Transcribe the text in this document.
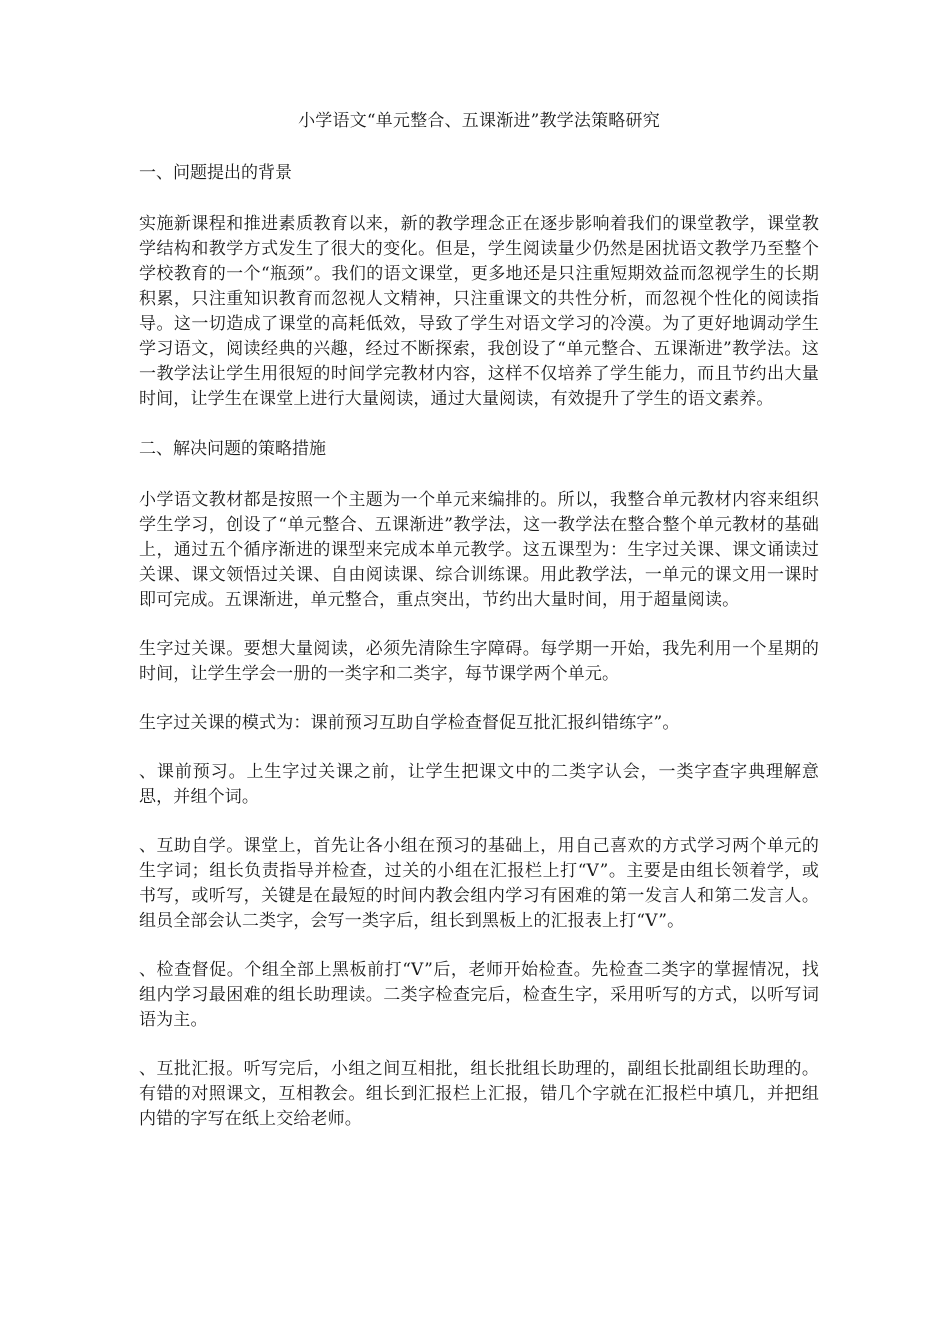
小学语文“单元整合、五课渐进”教学法策略研究

一、问题提出的背景

实施新课程和推进素质教育以来，新的教学理念正在逐步影响着我们的课堂教学，课堂教学结构和教学方式发生了很大的变化。但是，学生阅读量少仍然是困扰语文教学乃至整个学校教育的一个“瓶颈”。我们的语文课堂，更多地还是只注重短期效益而忽视学生的长期积累，只注重知识教育而忽视人文精神，只注重课文的共性分析，而忽视个性化的阅读指导。这一切造成了课堂的高耗低效，导致了学生对语文学习的冷漠。为了更好地调动学生学习语文，阅读经典的兴趣，经过不断探索，我创设了“单元整合、五课渐进”教学法。这一教学法让学生用很短的时间学完教材内容，这样不仅培养了学生能力，而且节约出大量时间，让学生在课堂上进行大量阅读，通过大量阅读，有效提升了学生的语文素养。

二、解决问题的策略措施

小学语文教材都是按照一个主题为一个单元来编排的。所以，我整合单元教材内容来组织学生学习，创设了“单元整合、五课渐进”教学法，这一教学法在整合整个单元教材的基础上，通过五个循序渐进的课型来完成本单元教学。这五课型为：生字过关课、课文诵读过关课、课文领悟过关课、自由阅读课、综合训练课。用此教学法，一单元的课文用一课时即可完成。五课渐进，单元整合，重点突出，节约出大量时间，用于超量阅读。

生字过关课。要想大量阅读，必须先清除生字障碍。每学期一开始，我先利用一个星期的时间，让学生学会一册的一类字和二类字，每节课学两个单元。

生字过关课的模式为：课前预习互助自学检查督促互批汇报纠错练字”。

、课前预习。上生字过关课之前，让学生把课文中的二类字认会，一类字查字典理解意思，并组个词。

、互助自学。课堂上，首先让各小组在预习的基础上，用自己喜欢的方式学习两个单元的生字词；组长负责指导并检查，过关的小组在汇报栏上打“V”。主要是由组长领着学，或书写，或听写，关键是在最短的时间内教会组内学习有困难的第一发言人和第二发言人。组员全部会认二类字，会写一类字后，组长到黑板上的汇报表上打“V”。

、检查督促。个组全部上黑板前打“V”后，老师开始检查。先检查二类字的掌握情况，找组内学习最困难的组长助理读。二类字检查完后，检查生字，采用听写的方式，以听写词语为主。

、互批汇报。听写完后，小组之间互相批，组长批组长助理的，副组长批副组长助理的。有错的对照课文，互相教会。组长到汇报栏上汇报，错几个字就在汇报栏中填几，并把组内错的字写在纸上交给老师。
